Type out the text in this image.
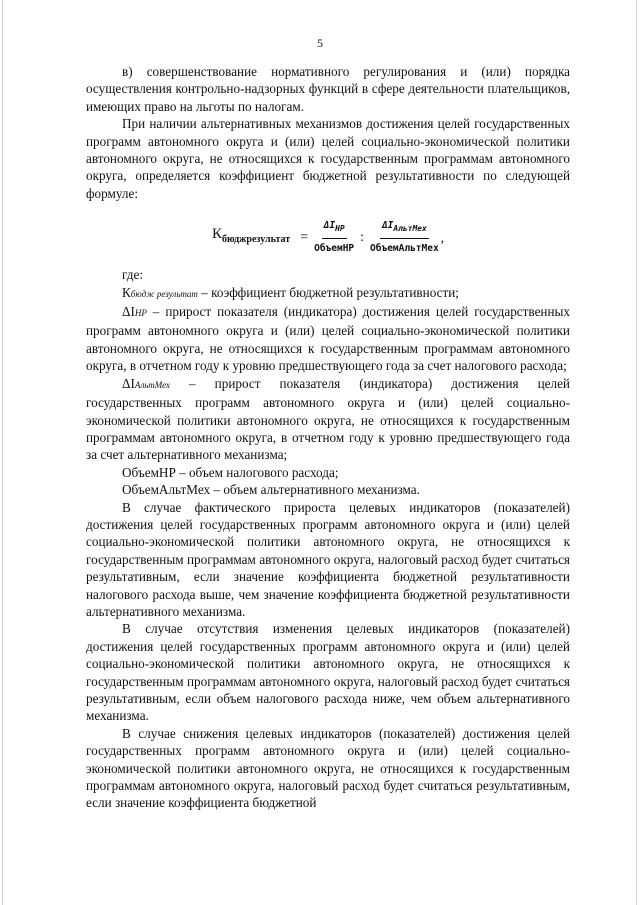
5

в) совершенствование нормативного регулирования и (или) порядка осуществления контрольно-надзорных функций в сфере деятельности плательщиков, имеющих право на льготы по налогам.

При наличии альтернативных механизмов достижения целей государственных программ автономного округа и (или) целей социально-экономической политики автономного округа, не относящихся к государственным программам автономного округа, определяется коэффициент бюджетной результативности по следующей формуле:

$К_{бюджрезультат} = \frac{\Delta I_{НР}}{\text{ОбъемНР}}$ : $\frac{\Delta I_{АльтМех}}{\text{ОбъемАльтМех}}$ ,

где:

Кбюдж результат – коэффициент бюджетной результативности;

ΔIНР – прирост показателя (индикатора) достижения целей государственных программ автономного округа и (или) целей социально-экономической политики автономного округа, не относящихся к государственным программам автономного округа, в отчетном году к уровню предшествующего года за счет налогового расхода;

ΔIАльтМех – прирост показателя (индикатора) достижения целей государственных программ автономного округа и (или) целей социально-экономической политики автономного округа, не относящихся к государственным программам автономного округа, в отчетном году к уровню предшествующего года за счет альтернативного механизма;

ОбъемНР – объем налогового расхода;

ОбъемАльтМех – объем альтернативного механизма.

В случае фактического прироста целевых индикаторов (показателей) достижения целей государственных программ автономного округа и (или) целей социально-экономической политики автономного округа, не относящихся к государственным программам автономного округа, налоговый расход будет считаться результативным, если значение коэффициента бюджетной результативности налогового расхода выше, чем значение коэффициента бюджетной результативности альтернативного механизма.

В случае отсутствия изменения целевых индикаторов (показателей) достижения целей государственных программ автономного округа и (или) целей социально-экономической политики автономного округа, не относящихся к государственным программам автономного округа, налоговый расход будет считаться результативным, если объем налогового расхода ниже, чем объем альтернативного механизма.

В случае снижения целевых индикаторов (показателей) достижения целей государственных программ автономного округа и (или) целей социально-экономической политики автономного округа, не относящихся к государственным программам автономного округа, налоговый расход будет считаться результативным, если значение коэффициента бюджетной
